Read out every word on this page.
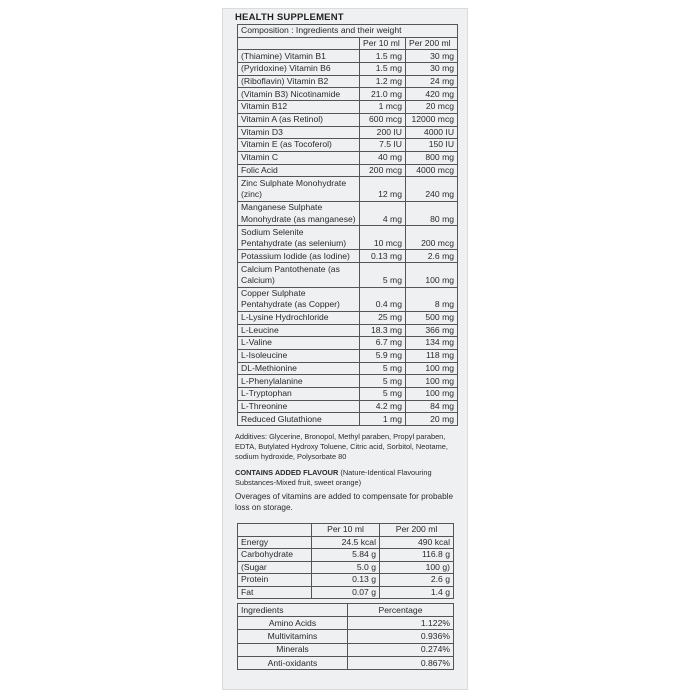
HEALTH SUPPLEMENT
Composition : Ingredients and their weight		
	Per 10 ml	Per 200 ml
(Thiamine) Vitamin B1	1.5 mg	30 mg
(Pyridoxine) Vitamin B6	1.5 mg	30 mg
(Riboflavin) Vitamin B2	1.2 mg	24 mg
(Vitamin B3) Nicotinamide	21.0 mg	420 mg
Vitamin B12	1 mcg	20 mcg
Vitamin A (as Retinol)	600 mcg	12000 mcg
Vitamin D3	200 IU	4000 IU
Vitamin E (as Tocoferol)	7.5 IU	150 IU
Vitamin C	40 mg	800 mg
Folic Acid	200 mcg	4000 mcg
Zinc Sulphate Monohydrate (zinc)	12 mg	240 mg
Manganese Sulphate Monohydrate (as manganese)	4 mg	80 mg
Sodium Selenite Pentahydrate (as selenium)	10 mcg	200 mcg
Potassium Iodide (as Iodine)	0.13 mg	2.6 mg
Calcium Pantothenate (as Calcium)	5 mg	100 mg
Copper Sulphate Pentahydrate (as Copper)	0.4 mg	8 mg
L-Lysine Hydrochloride	25 mg	500 mg
L-Leucine	18.3 mg	366 mg
L-Valine	6.7 mg	134 mg
L-Isoleucine	5.9 mg	118 mg
DL-Methionine	5 mg	100 mg
L-Phenylalanine	5 mg	100 mg
L-Tryptophan	5 mg	100 mg
L-Threonine	4.2 mg	84 mg
Reduced Glutathione	1 mg	20 mg

Additives: Glycerine, Bronopol, Methyl paraben, Propyl paraben, EDTA, Butylated Hydroxy Toluene, Citric acid, Sorbitol, Neotame, sodium hydroxide, Polysorbate 80

CONTAINS ADDED FLAVOUR (Nature-Identical Flavouring Substances-Mixed fruit, sweet orange)

Overages of vitamins are added to compensate for probable loss on storage.

	Per 10 ml	Per 200 ml
Energy	24.5 kcal	490 kcal
Carbohydrate	5.84 g	116.8 g
(Sugar	5.0 g	100 g)
Protein	0.13 g	2.6 g
Fat	0.07 g	1.4 g
Ingredients	Percentage
Amino Acids	1.122%
Multivitamins	0.936%
Minerals	0.274%
Anti-oxidants	0.867%
